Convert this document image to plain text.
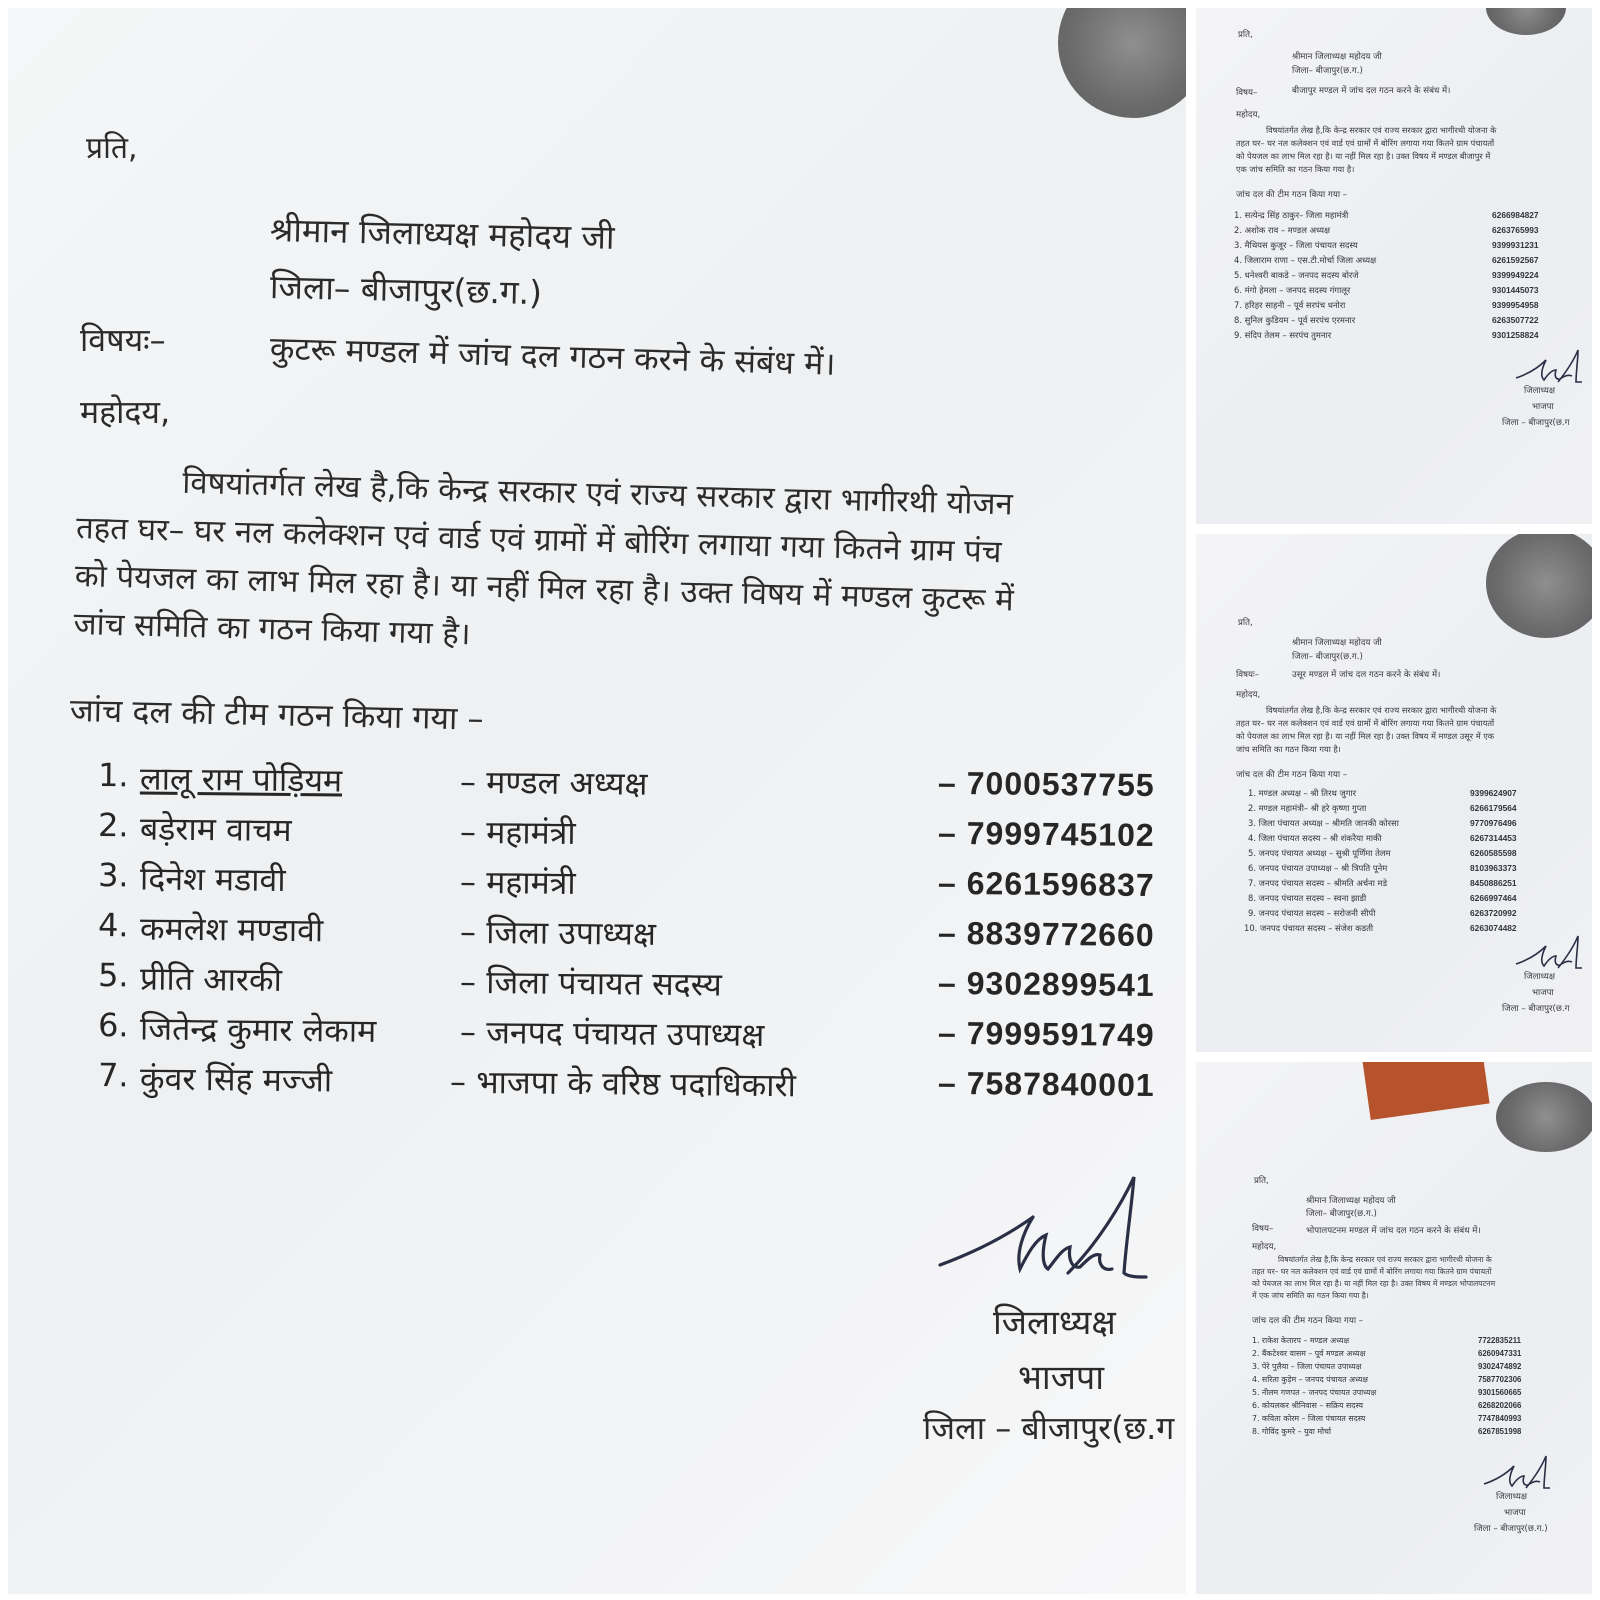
प्रति,
श्रीमान जिलाध्यक्ष महोदय जी
जिला– बीजापुर(छ.ग.)
विषयः–	कुटरू मण्डल में जांच दल गठन करने के संबंध में।
महोदय,

विषयांतर्गत लेख है,कि केन्द्र सरकार एवं राज्य सरकार द्वारा भागीरथी योजन

तहत घर– घर नल कलेक्शन एवं वार्ड एवं ग्रामों में बोरिंग लगाया गया कितने ग्राम पंच

को पेयजल का लाभ मिल रहा है। या नहीं मिल रहा है। उक्त विषय में मण्डल कुटरू में

जांच समिति का गठन किया गया है।

जांच दल की टीम गठन किया गया –
1. लालू राम पोड़ियम	– मण्डल अध्यक्ष	– 7000537755
2. बड़ेराम वाचम	– महामंत्री	– 7999745102
3. दिनेश मडावी	– महामंत्री	– 6261596837
4. कमलेश मण्डावी	– जिला उपाध्यक्ष	– 8839772660
5. प्रीति आरकी	– जिला पंचायत सदस्य	– 9302899541
6. जितेन्द्र कुमार लेकाम	– जनपद पंचायत उपाध्यक्ष	– 7999591749
7. कुंवर सिंह मज्जी	– भाजपा के वरिष्ठ पदाधिकारी	– 7587840001
जिलाध्यक्ष
भाजपा
जिला – बीजापुर(छ.ग
प्रति,
श्रीमान जिलाध्यक्ष महोदय जी
जिला– बीजापुर(छ.ग.)
विषय–	बीजापुर मण्डल में जांच दल गठन करने के संबंध में।
महोदय,

विषयांतर्गत लेख है,कि केन्द्र सरकार एवं राज्य सरकार द्वारा भागीरथी योजना के

तहत घर– घर नल कलेक्शन एवं वार्ड एवं ग्रामों में बोरिंग लगाया गया कितने ग्राम पंचायतों

को पेयजल का लाभ मिल रहा है। या नहीं मिल रहा है। उक्त विषय में मण्डल बीजापुर में

एक जांच समिति का गठन किया गया है।

जांच दल की टीम गठन किया गया –
1. सत्येन्द्र सिंह ठाकुर– जिला महामंत्री	6266984827
2. अशोक राव – मण्डल अध्यक्ष	6263765993
3. मैथियस कुजूर – जिला पंचायत सदस्य	9399931231
4. जिलाराम राणा – एस.टी.मोर्चा जिला अध्यक्ष	6261592567
5. धनेश्वरी बाकडे – जनपद सदस्य बोरजे	9399949224
6. मंगो हेमला – जनपद सदस्य गंगालूर	9301445073
7. हरिहर साहनी – पूर्व सरपंच धनोरा	9399954958
8. सुनिल कुडियम – पूर्व सरपंच एरमनार	6263507722
9. संदिप तेलम – सरपंच तुमनार	9301258824
जिलाध्यक्ष
भाजपा
जिला – बीजापुर(छ.ग
प्रति,
श्रीमान जिलाध्यक्ष महोदय जी
जिला– बीजापुर(छ.ग.)
विषयः–	उसूर मण्डल में जांच दल गठन करने के संबंध में।
महोदय,

विषयांतर्गत लेख है,कि केन्द्र सरकार एवं राज्य सरकार द्वारा भागीरथी योजना के

तहत घर– घर नल कलेक्शन एवं वार्ड एवं ग्रामों में बोरिंग लगाया गया कितने ग्राम पंचायतों

को पेयजल का लाभ मिल रहा है। या नहीं मिल रहा है। उक्त विषय में मण्डल उसूर में एक

जांच समिति का गठन किया गया है।

जांच दल की टीम गठन किया गया –
1. मण्डल अध्यक्ष – श्री तिरथ जुगार	9399624907
2. मण्डल महामंत्री– श्री हरे कृष्णा गुप्ता	6266179564
3. जिला पंचायत अध्यक्ष – श्रीमति जानकी कोरसा	9770976496
4. जिला पंचायत सदस्य – श्री शंकरैया माकी	6267314453
5. जनपद पंचायत अध्यक्ष – सुश्री पूर्णिमा तेलम	6260585598
6. जनपद पंचायत उपाध्यक्ष – श्री त्रिपति पूनेम	8103963373
7. जनपद पंचायत सदस्य – श्रीमति अर्चना मडे	8450886251
8. जनपद पंचायत सदस्य – स्वना झाडी	6266997464
9. जनपद पंचायत सदस्य – सरोजनी सीपी	6263720992
10. जनपद पंचायत सदस्य – संजेश कडती	6263074482
जिलाध्यक्ष
भाजपा
जिला – बीजापुर(छ.ग
प्रति,
श्रीमान जिलाध्यक्ष महोदय जी
जिला– बीजापुर(छ.ग.)
विषय–	भोपालपटनम मण्डल में जांच दल गठन करने के संबंध में।
महोदय,

विषयांतर्गत लेख है,कि केन्द्र सरकार एवं राज्य सरकार द्वारा भागीरथी योजना के

तहत घर– घर नल कलेक्शन एवं वार्ड एवं ग्रामों में बोरिंग लगाया गया कितने ग्राम पंचायतों

को पेयजल का लाभ मिल रहा है। या नहीं मिल रहा है। उक्त विषय में मण्डल भोपालपटनम

में एक जांच समिति का गठन किया गया है।

जांच दल की टीम गठन किया गया –
1. राकेश केतारप – मण्डल अध्यक्ष	7722835211
2. बैंकटेश्वर वासम – पूर्व मण्डल अध्यक्ष	6260947331
3. पेरे पुलैया – जिला पंचायत उपाध्यक्ष	9302474892
4. सरिता कुड़ेम – जनपद पंचायत अध्यक्ष	7587702306
5. नीलम गणपत – जनपद पंचायत उपाध्यक्ष	9301560665
6. कोयलकर श्रीनिवास – सक्रिय सदस्य	6268202066
7. कविता कोरम – जिला पंचायत सदस्य	7747840993
8. गोविंद कुमरे – युवा मोर्चा	6267851998
जिलाध्यक्ष
भाजपा
जिला – बीजापुर(छ.ग.)
